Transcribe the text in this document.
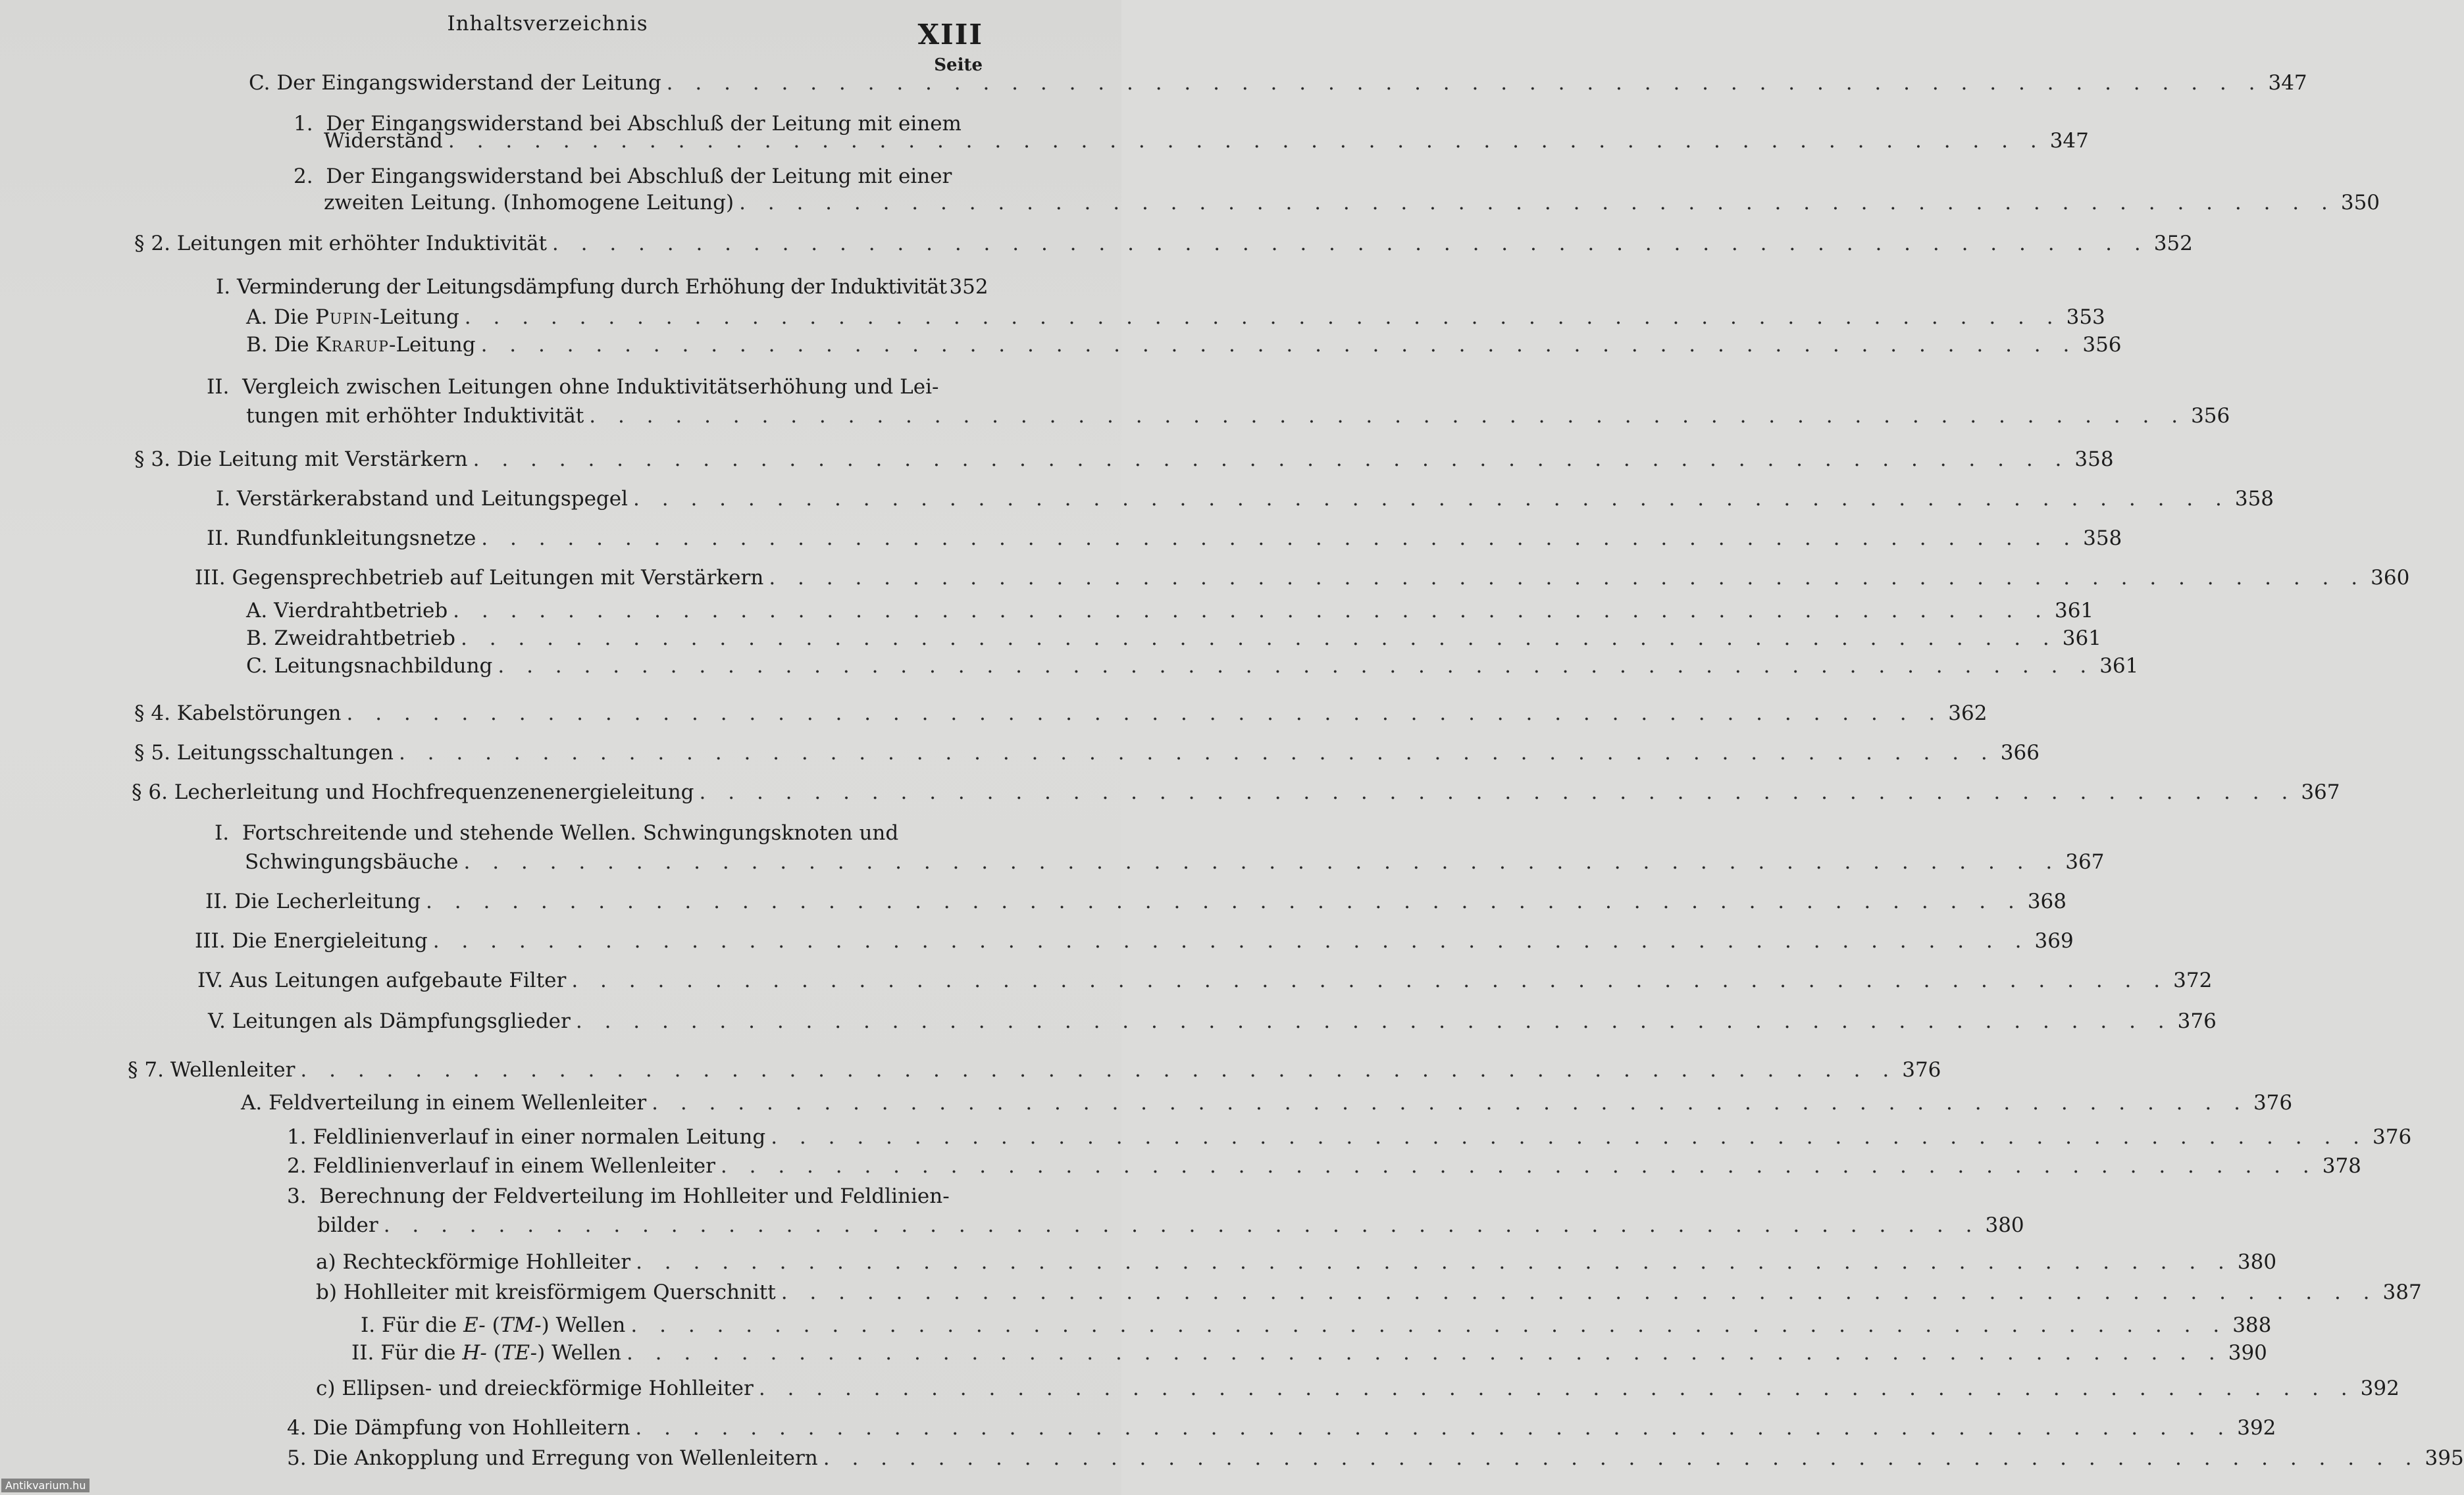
Inhaltsverzeichnis	XIII
Seite
C.
Der Eingangswiderstand der Leitung . . . . . . . . . . . . . . . . . . . . . . . . . . . . . . . . . . . . . . . . . . . . . . . . . . . . . . . . 347
1. Der Eingangswiderstand bei Abschluß der Leitung mit einem
Widerstand . . . . . . . . . . . . . . . . . . . . . . . . . . . . . . . . . . . . . . . . . . . . . . . . . . . . . . . . 347
2. Der Eingangswiderstand bei Abschluß der Leitung mit einer
zweiten Leitung. (Inhomogene Leitung) . . . . . . . . . . . . . . . . . . . . . . . . . . . . . . . . . . . . . . . . . . . . . . . . . . . . . . . . 350
§ 2.
Leitungen mit erhöhter Induktivität . . . . . . . . . . . . . . . . . . . . . . . . . . . . . . . . . . . . . . . . . . . . . . . . . . . . . . . . 352
I.
Verminderung der Leitungsdämpfung durch Erhöhung der Induktivität 352
A.
Die Pupin-Leitung . . . . . . . . . . . . . . . . . . . . . . . . . . . . . . . . . . . . . . . . . . . . . . . . . . . . . . . . 353
B.
Die Krarup-Leitung . . . . . . . . . . . . . . . . . . . . . . . . . . . . . . . . . . . . . . . . . . . . . . . . . . . . . . . . 356
II. Vergleich zwischen Leitungen ohne Induktivitätserhöhung und Lei-
tungen mit erhöhter Induktivität . . . . . . . . . . . . . . . . . . . . . . . . . . . . . . . . . . . . . . . . . . . . . . . . . . . . . . . . 356
§ 3.
Die Leitung mit Verstärkern . . . . . . . . . . . . . . . . . . . . . . . . . . . . . . . . . . . . . . . . . . . . . . . . . . . . . . . . 358
I.
Verstärkerabstand und Leitungspegel . . . . . . . . . . . . . . . . . . . . . . . . . . . . . . . . . . . . . . . . . . . . . . . . . . . . . . . . 358
II.
Rundfunkleitungsnetze . . . . . . . . . . . . . . . . . . . . . . . . . . . . . . . . . . . . . . . . . . . . . . . . . . . . . . . . 358
III.
Gegensprechbetrieb auf Leitungen mit Verstärkern . . . . . . . . . . . . . . . . . . . . . . . . . . . . . . . . . . . . . . . . . . . . . . . . . . . . . . . . 360
A.
Vierdrahtbetrieb . . . . . . . . . . . . . . . . . . . . . . . . . . . . . . . . . . . . . . . . . . . . . . . . . . . . . . . . 361
B.
Zweidrahtbetrieb . . . . . . . . . . . . . . . . . . . . . . . . . . . . . . . . . . . . . . . . . . . . . . . . . . . . . . . . 361
C.
Leitungsnachbildung . . . . . . . . . . . . . . . . . . . . . . . . . . . . . . . . . . . . . . . . . . . . . . . . . . . . . . . . 361
§ 4.
Kabelstörungen . . . . . . . . . . . . . . . . . . . . . . . . . . . . . . . . . . . . . . . . . . . . . . . . . . . . . . . . 362
§ 5.
Leitungsschaltungen . . . . . . . . . . . . . . . . . . . . . . . . . . . . . . . . . . . . . . . . . . . . . . . . . . . . . . . . 366
§ 6.
Lecherleitung und Hochfrequenzenenergieleitung . . . . . . . . . . . . . . . . . . . . . . . . . . . . . . . . . . . . . . . . . . . . . . . . . . . . . . . . 367
I. Fortschreitende und stehende Wellen. Schwingungsknoten und
Schwingungsbäuche . . . . . . . . . . . . . . . . . . . . . . . . . . . . . . . . . . . . . . . . . . . . . . . . . . . . . . . . 367
II.
Die Lecherleitung . . . . . . . . . . . . . . . . . . . . . . . . . . . . . . . . . . . . . . . . . . . . . . . . . . . . . . . . 368
III.
Die Energieleitung . . . . . . . . . . . . . . . . . . . . . . . . . . . . . . . . . . . . . . . . . . . . . . . . . . . . . . . . 369
IV.
Aus Leitungen aufgebaute Filter . . . . . . . . . . . . . . . . . . . . . . . . . . . . . . . . . . . . . . . . . . . . . . . . . . . . . . . . 372
V.
Leitungen als Dämpfungsglieder . . . . . . . . . . . . . . . . . . . . . . . . . . . . . . . . . . . . . . . . . . . . . . . . . . . . . . . . 376
§ 7.
Wellenleiter . . . . . . . . . . . . . . . . . . . . . . . . . . . . . . . . . . . . . . . . . . . . . . . . . . . . . . . . 376
A.
Feldverteilung in einem Wellenleiter . . . . . . . . . . . . . . . . . . . . . . . . . . . . . . . . . . . . . . . . . . . . . . . . . . . . . . . . 376
1.
Feldlinienverlauf in einer normalen Leitung . . . . . . . . . . . . . . . . . . . . . . . . . . . . . . . . . . . . . . . . . . . . . . . . . . . . . . . . 376
2.
Feldlinienverlauf in einem Wellenleiter . . . . . . . . . . . . . . . . . . . . . . . . . . . . . . . . . . . . . . . . . . . . . . . . . . . . . . . . 378
3. Berechnung der Feldverteilung im Hohlleiter und Feldlinien-
bilder . . . . . . . . . . . . . . . . . . . . . . . . . . . . . . . . . . . . . . . . . . . . . . . . . . . . . . . . 380
a)
Rechteckförmige Hohlleiter . . . . . . . . . . . . . . . . . . . . . . . . . . . . . . . . . . . . . . . . . . . . . . . . . . . . . . . . 380
b)
Hohlleiter mit kreisförmigem Querschnitt . . . . . . . . . . . . . . . . . . . . . . . . . . . . . . . . . . . . . . . . . . . . . . . . . . . . . . . . 387
I.
Für die E- (TM-) Wellen . . . . . . . . . . . . . . . . . . . . . . . . . . . . . . . . . . . . . . . . . . . . . . . . . . . . . . . . 388
II.
Für die H- (TE-) Wellen . . . . . . . . . . . . . . . . . . . . . . . . . . . . . . . . . . . . . . . . . . . . . . . . . . . . . . . . 390
c)
Ellipsen- und dreieckförmige Hohlleiter . . . . . . . . . . . . . . . . . . . . . . . . . . . . . . . . . . . . . . . . . . . . . . . . . . . . . . . . 392
4.
Die Dämpfung von Hohlleitern . . . . . . . . . . . . . . . . . . . . . . . . . . . . . . . . . . . . . . . . . . . . . . . . . . . . . . . . 392
5.
Die Ankopplung und Erregung von Wellenleitern . . . . . . . . . . . . . . . . . . . . . . . . . . . . . . . . . . . . . . . . . . . . . . . . . . . . . . . . 395
Antikvarium.hu
